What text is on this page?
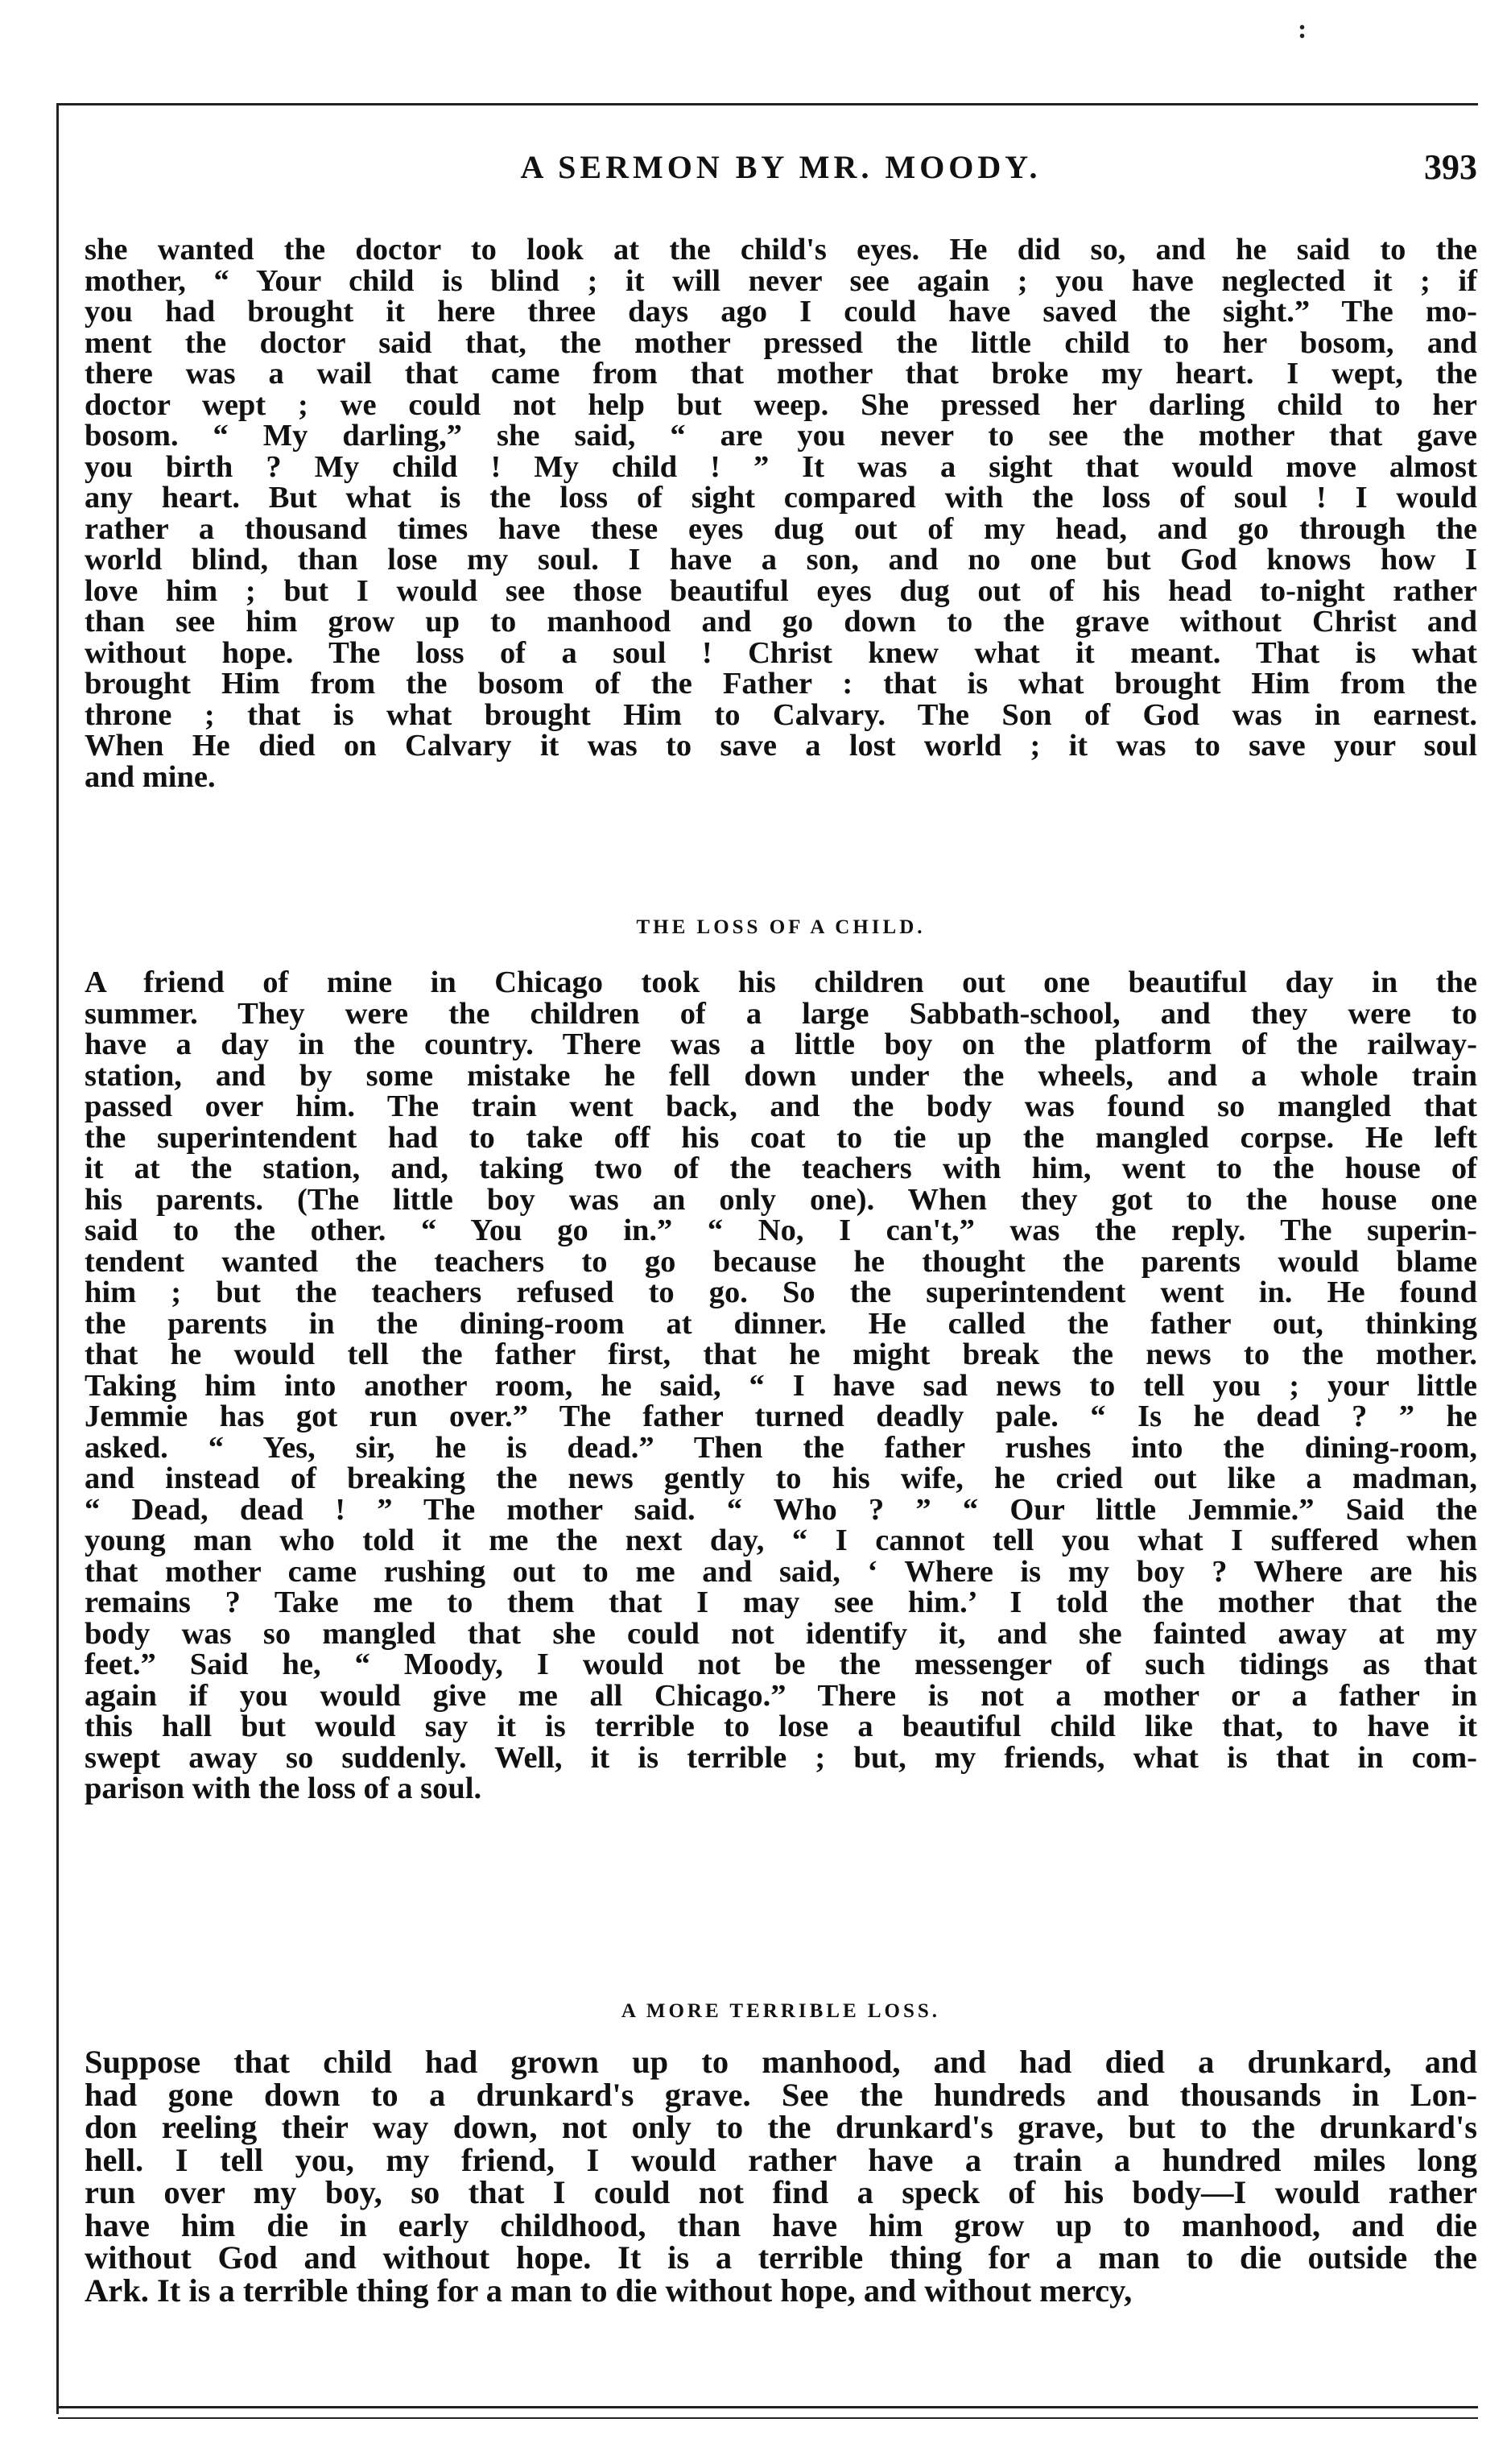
:
A SERMON BY MR. MOODY.	393
she wanted the doctor to look at the child's eyes. He did so, and he said to the
mother, “ Your child is blind ; it will never see again ; you have neglected it ; if
you had brought it here three days ago I could have saved the sight.” The mo-
ment the doctor said that, the mother pressed the little child to her bosom, and
there was a wail that came from that mother that broke my heart. I wept, the
doctor wept ; we could not help but weep. She pressed her darling child to her
bosom. “ My darling,” she said, “ are you never to see the mother that gave
you birth ? My child ! My child ! ” It was a sight that would move almost
any heart. But what is the loss of sight compared with the loss of soul ! I would
rather a thousand times have these eyes dug out of my head, and go through the
world blind, than lose my soul. I have a son, and no one but God knows how I
love him ; but I would see those beautiful eyes dug out of his head to-night rather
than see him grow up to manhood and go down to the grave without Christ and
without hope. The loss of a soul ! Christ knew what it meant. That is what
brought Him from the bosom of the Father : that is what brought Him from the
throne ; that is what brought Him to Calvary. The Son of God was in earnest.
When He died on Calvary it was to save a lost world ; it was to save your soul
and mine.
THE LOSS OF A CHILD.
A friend of mine in Chicago took his children out one beautiful day in the
summer. They were the children of a large Sabbath-school, and they were to
have a day in the country. There was a little boy on the platform of the railway-
station, and by some mistake he fell down under the wheels, and a whole train
passed over him. The train went back, and the body was found so mangled that
the superintendent had to take off his coat to tie up the mangled corpse. He left
it at the station, and, taking two of the teachers with him, went to the house of
his parents. (The little boy was an only one). When they got to the house one
said to the other. “ You go in.” “ No, I can't,” was the reply. The superin-
tendent wanted the teachers to go because he thought the parents would blame
him ; but the teachers refused to go. So the superintendent went in. He found
the parents in the dining-room at dinner. He called the father out, thinking
that he would tell the father first, that he might break the news to the mother.
Taking him into another room, he said, “ I have sad news to tell you ; your little
Jemmie has got run over.” The father turned deadly pale. “ Is he dead ? ” he
asked. “ Yes, sir, he is dead.” Then the father rushes into the dining-room,
and instead of breaking the news gently to his wife, he cried out like a madman,
“ Dead, dead ! ” The mother said. “ Who ? ” “ Our little Jemmie.” Said the
young man who told it me the next day, “ I cannot tell you what I suffered when
that mother came rushing out to me and said, ‘ Where is my boy ? Where are his
remains ? Take me to them that I may see him.’ I told the mother that the
body was so mangled that she could not identify it, and she fainted away at my
feet.” Said he, “ Moody, I would not be the messenger of such tidings as that
again if you would give me all Chicago.” There is not a mother or a father in
this hall but would say it is terrible to lose a beautiful child like that, to have it
swept away so suddenly. Well, it is terrible ; but, my friends, what is that in com-
parison with the loss of a soul.
A MORE TERRIBLE LOSS.
Suppose that child had grown up to manhood, and had died a drunkard, and
had gone down to a drunkard's grave. See the hundreds and thousands in Lon-
don reeling their way down, not only to the drunkard's grave, but to the drunkard's
hell. I tell you, my friend, I would rather have a train a hundred miles long
run over my boy, so that I could not find a speck of his body—I would rather
have him die in early childhood, than have him grow up to manhood, and die
without God and without hope. It is a terrible thing for a man to die outside the
Ark. It is a terrible thing for a man to die without hope, and without mercy,
